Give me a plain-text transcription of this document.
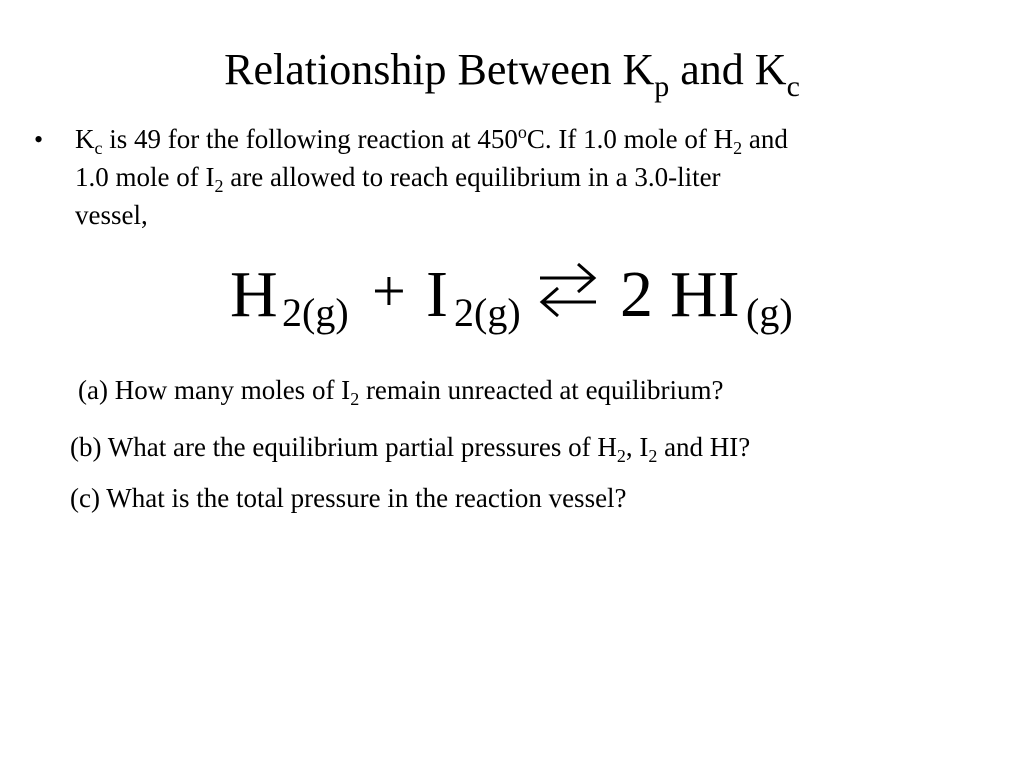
Relationship Between $K_p$ and $K_c$
• $K_c$ is 49 for the following reaction at 450$^o$C. If 1.0 mole of $H_2$ and
1.0 mole of $I_2$ are allowed to reach equilibrium in a 3.0-liter
vessel,
H 2(g) + I 2(g) 2 HI (g)
(a) How many moles of $I_2$ remain unreacted at equilibrium?
(b) What are the equilibrium partial pressures of $H_2$, $I_2$ and HI?
(c) What is the total pressure in the reaction vessel?
